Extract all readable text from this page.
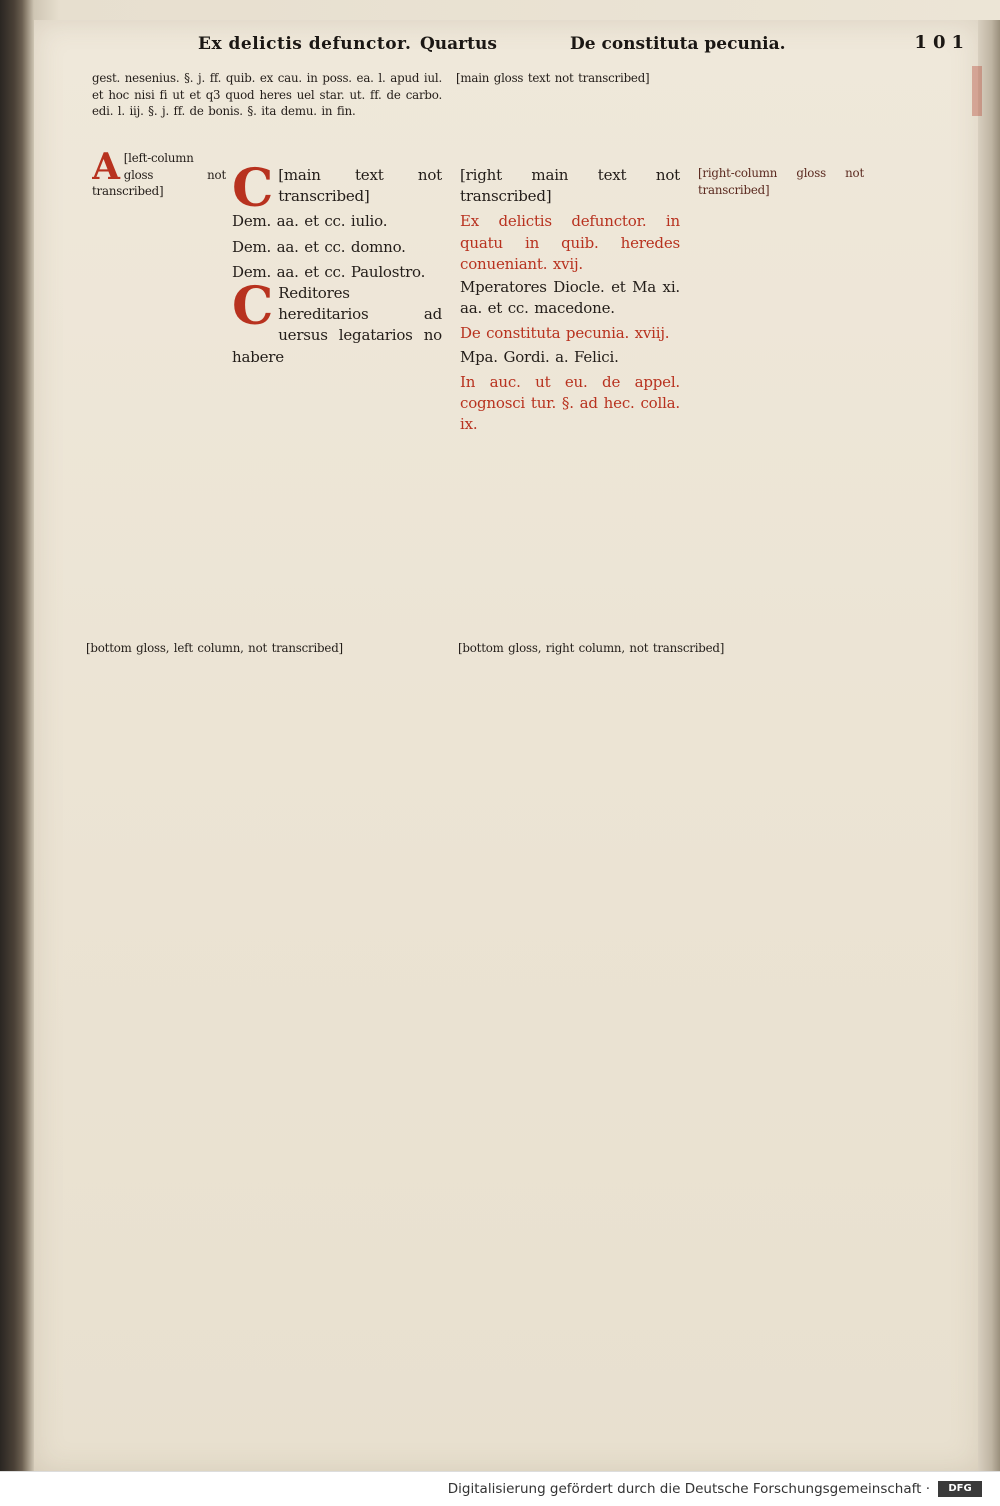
Ex delictis defunctor. Quartus	De constituta pecunia.	101
gest. nesenius. §. j. ff. quib. ex cau. in poss. ea. l. apud iul. et hoc nisi fi ut et q3 quod heres uel star. ut. ff. de carbo. edi. l. iij. §. j. ff. de bonis. §. ita demu. in fin.
[main gloss text not transcribed]
A [left-column gloss not transcribed]	C [main text not transcribed]
Dem. aa. et cc. iulio.
Dem. aa. et cc. domno.
Dem. aa. et cc. Paulostro.
C Reditores hereditarios ad uersus legatarios no habere
[right main text not transcribed]
Ex delictis defunctor. in quatu in quib. heredes conueniant. xvij.
Mperatores Diocle. et Ma xi. aa. et cc. macedone.
De constituta pecunia. xviij.
Mpa. Gordi. a. Felici.
In auc. ut eu. de appel. cognosci tur. §. ad hec. colla. ix.
[right-column gloss not transcribed]
[bottom gloss, left column, not transcribed]	[bottom gloss, right column, not transcribed]
Digitalisierung gefördert durch die Deutsche Forschungsgemeinschaft ·	DFG
